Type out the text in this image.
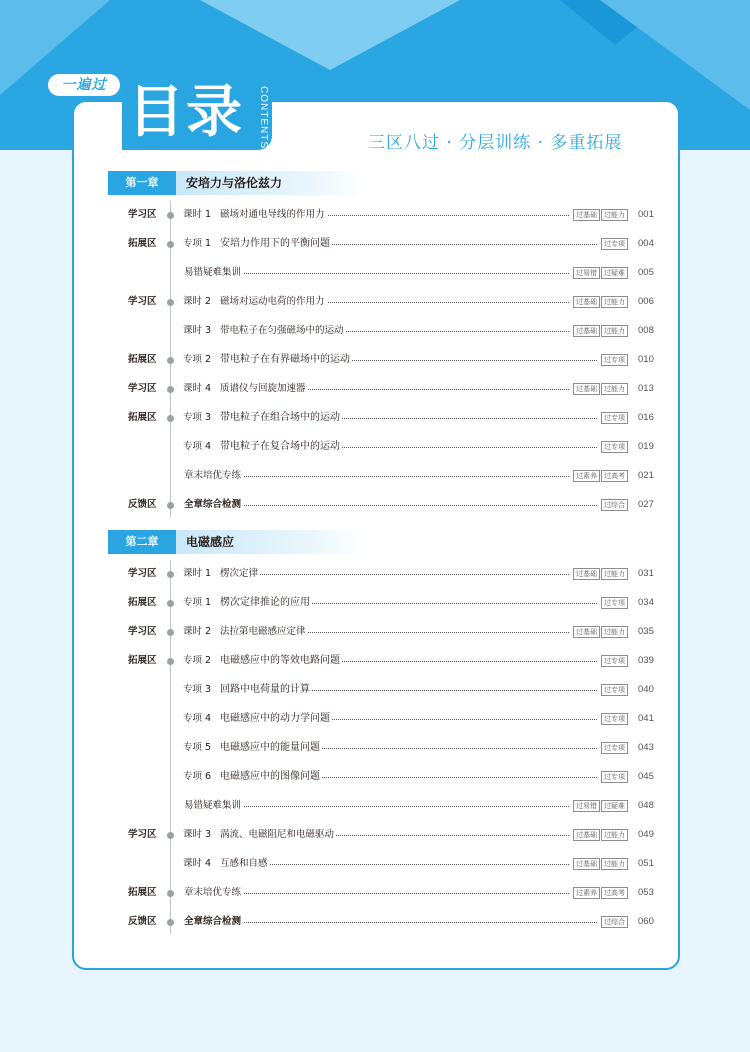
一遍过 目录 CONTENTS	三区八过 · 分层训练 · 多重拓展
第一章	安培力与洛伦兹力
学习区	课时 1 磁场对通电导线的作用力	过基础	过能力	001
拓展区	专项 1 安培力作用下的平衡问题	过专项	004
易错疑难集训	过易错	过疑难	005
学习区	课时 2 磁场对运动电荷的作用力	过基础	过能力	006
课时 3 带电粒子在匀强磁场中的运动	过基础	过能力	008
拓展区	专项 2 带电粒子在有界磁场中的运动	过专项	010
学习区	课时 4 质谱仪与回旋加速器	过基础	过能力	013
拓展区	专项 3 带电粒子在组合场中的运动	过专项	016
专项 4 带电粒子在复合场中的运动	过专项	019
章末培优专练	过素养	过高考	021
反馈区	全章综合检测	过综合	027
第二章	电磁感应
学习区	课时 1 楞次定律	过基础	过能力	031
拓展区	专项 1 楞次定律推论的应用	过专项	034
学习区	课时 2 法拉第电磁感应定律	过基础	过能力	035
拓展区	专项 2 电磁感应中的等效电路问题	过专项	039
专项 3 回路中电荷量的计算	过专项	040
专项 4 电磁感应中的动力学问题	过专项	041
专项 5 电磁感应中的能量问题	过专项	043
专项 6 电磁感应中的图像问题	过专项	045
易错疑难集训	过易错	过疑难	048
学习区	课时 3 涡流、电磁阻尼和电磁驱动	过基础	过能力	049
课时 4 互感和自感	过基础	过能力	051
拓展区	章末培优专练	过素养	过高考	053
反馈区	全章综合检测	过综合	060
